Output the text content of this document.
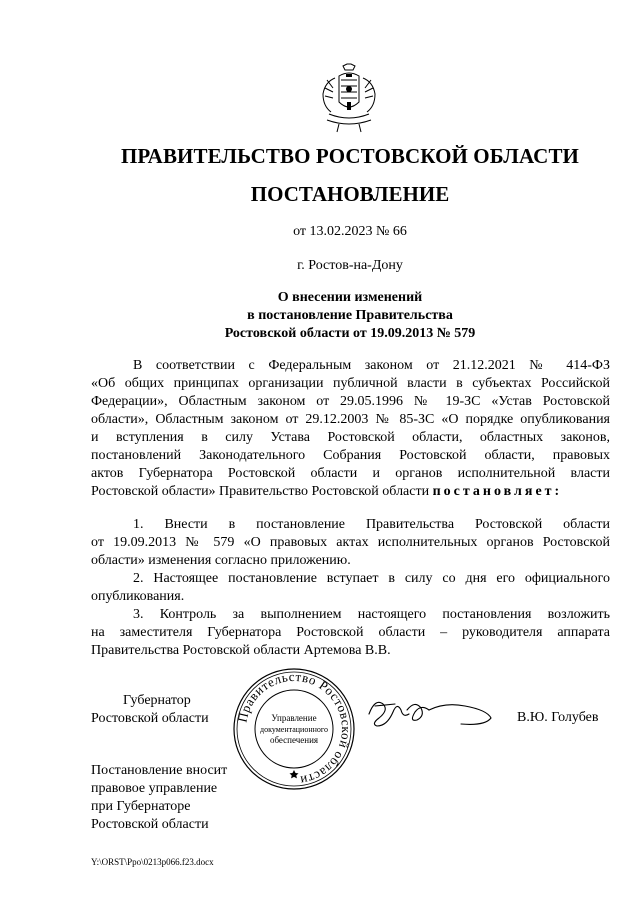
ПРАВИТЕЛЬСТВО РОСТОВСКОЙ ОБЛАСТИ
ПОСТАНОВЛЕНИЕ
от 13.02.2023 № 66
г. Ростов-на-Дону
О внесении изменений
в постановление Правительства
Ростовской области от 19.09.2013 № 579
В соответствии с Федеральным законом от 21.12.2021 № 414-ФЗ
«Об общих принципах организации публичной власти в субъектах Российской
Федерации», Областным законом от 29.05.1996 № 19-ЗС «Устав Ростовской
области», Областным законом от 29.12.2003 № 85-ЗС «О порядке опубликования
и вступления в силу Устава Ростовской области, областных законов,
постановлений Законодательного Собрания Ростовской области, правовых
актов Губернатора Ростовской области и органов исполнительной власти
Ростовской области» Правительство Ростовской области постановляет:
1. Внести в постановление Правительства Ростовской области
от 19.09.2013 № 579 «О правовых актах исполнительных органов Ростовской
области» изменения согласно приложению.
2. Настоящее постановление вступает в силу со дня его официального
опубликования.
3. Контроль за выполнением настоящего постановления возложить
на заместителя Губернатора Ростовской области – руководителя аппарата
Правительства Ростовской области Артемова В.В.
Губернатор
Ростовской области Правительство Ростовской области
Управление
документационного
обеспечения
В.Ю. Голубев
Постановление вносит
правовое управление
при Губернаторе
Ростовской области
Y:\ORST\Ppo\0213p066.f23.docx
